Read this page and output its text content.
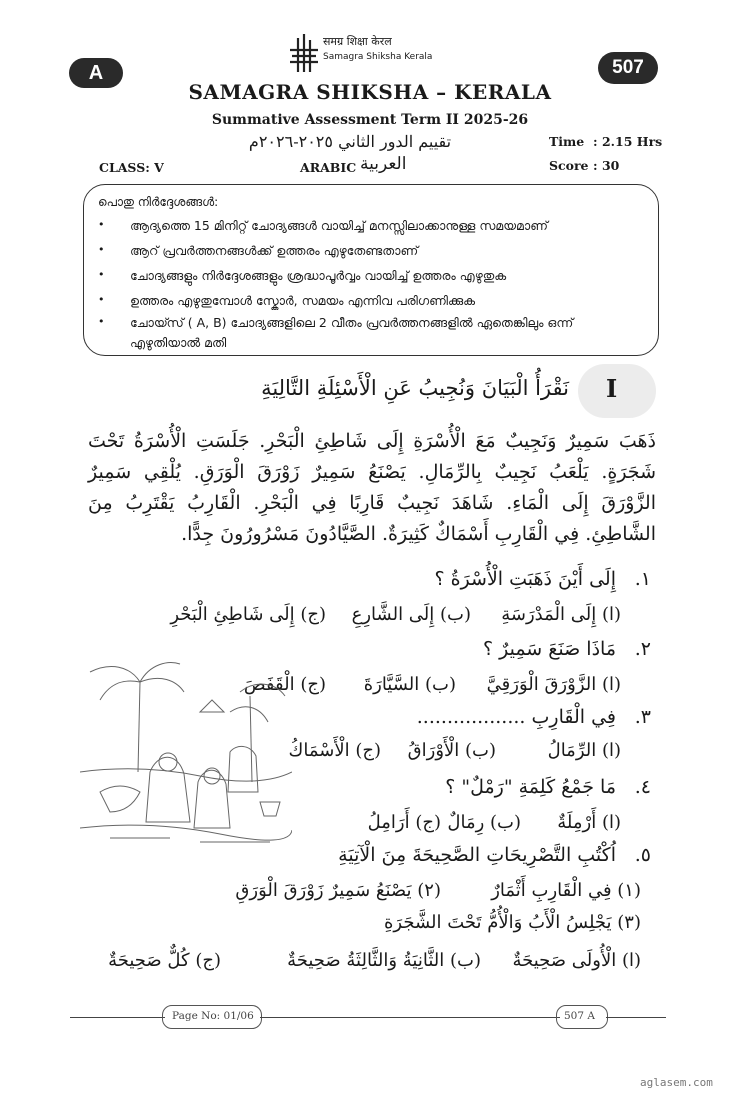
समग्र शिक्षा केरल
Samagra Shiksha Kerala
A	507
SAMAGRA SHIKSHA – KERALA
Summative Assessment Term II 2025-26
تقييم الدور الثاني ٢٠٢٥-٢٠٢٦م	Time : 2.15 Hrs
CLASS: V	ARABIC العربية	Score : 30
പൊതു നിർദ്ദേശങ്ങൾ:
• ആദ്യത്തെ 15 മിനിറ്റ് ചോദ്യങ്ങൾ വായിച്ച് മനസ്സിലാക്കാനുള്ള സമയമാണ്
• ആറ് പ്രവർത്തനങ്ങൾക്ക് ഉത്തരം എഴുതേണ്ടതാണ്
• ചോദ്യങ്ങളും നിർദ്ദേശങ്ങളും ശ്രദ്ധാപൂർവ്വം വായിച്ച് ഉത്തരം എഴുതുക
• ഉത്തരം എഴുതുമ്പോൾ സ്കോർ, സമയം എന്നിവ പരിഗണിക്കുക
• ചോയ്സ് ( A, B) ചോദ്യങ്ങളിലെ 2 വീതം പ്രവർത്തനങ്ങളിൽ ഏതെങ്കിലും ഒന്ന്
എഴുതിയാൽ മതി
I
نَقْرَأُ الْبَيَانَ وَنُجِيبُ عَنِ الْأَسْئِلَةِ التَّالِيَةِ
ذَهَبَ سَمِيرٌ وَنَجِيبٌ مَعَ الْأُسْرَةِ إِلَى شَاطِئِ الْبَحْرِ. جَلَسَتِ الْأُسْرَةُ تَحْتَ شَجَرَةٍ. يَلْعَبُ نَجِيبٌ بِالرِّمَالِ. يَصْنَعُ سَمِيرٌ زَوْرَقَ الْوَرَقِ. يُلْقِي سَمِيرٌ الزَّوْرَقَ إِلَى الْمَاءِ. شَاهَدَ نَجِيبٌ قَارِبًا فِي الْبَحْرِ. الْقَارِبُ يَقْتَرِبُ مِنَ الشَّاطِئِ. فِي الْقَارِبِ أَسْمَاكٌ كَثِيرَةٌ. الصَّيَّادُونَ مَسْرُورُونَ جِدًّا.
١.
إِلَى أَيْنَ ذَهَبَتِ الْأُسْرَةُ ؟
(ا) إِلَى الْمَدْرَسَةِ
(ب) إِلَى الشَّارِعِ
(ج) إِلَى شَاطِئِ الْبَحْرِ
٢.
مَاذَا صَنَعَ سَمِيرٌ ؟
(ا) الزَّوْرَقَ الْوَرَقِيَّ
(ب) السَّيَّارَةَ
(ج) الْقَفَصَ
٣.
فِي الْقَارِبِ ..................
(ا) الرِّمَالُ
(ب) الْأَوْرَاقُ
(ج) الْأَسْمَاكُ
٤.
مَا جَمْعُ كَلِمَةِ "رَمْلٌ" ؟
(ا) أَرْمِلَةٌ
(ب) رِمَالٌ
(ج) أَرَامِلُ
٥.
اُكْتُبِ التَّصْرِيحَاتِ الصَّحِيحَةَ مِنَ الْآتِيَةِ
(١) فِي الْقَارِبِ أَثْمَارٌ
(٢) يَصْنَعُ سَمِيرٌ زَوْرَقَ الْوَرَقِ
(٣) يَجْلِسُ الْأَبُ وَالْأُمُّ تَحْتَ الشَّجَرَةِ
(ا) الْأُولَى صَحِيحَةٌ
(ب) الثَّانِيَةُ وَالثَّالِثَةُ صَحِيحَةٌ
(ج) كُلٌّ صَحِيحَةٌ
Page No: 01/06	507 A
aglasem.com
